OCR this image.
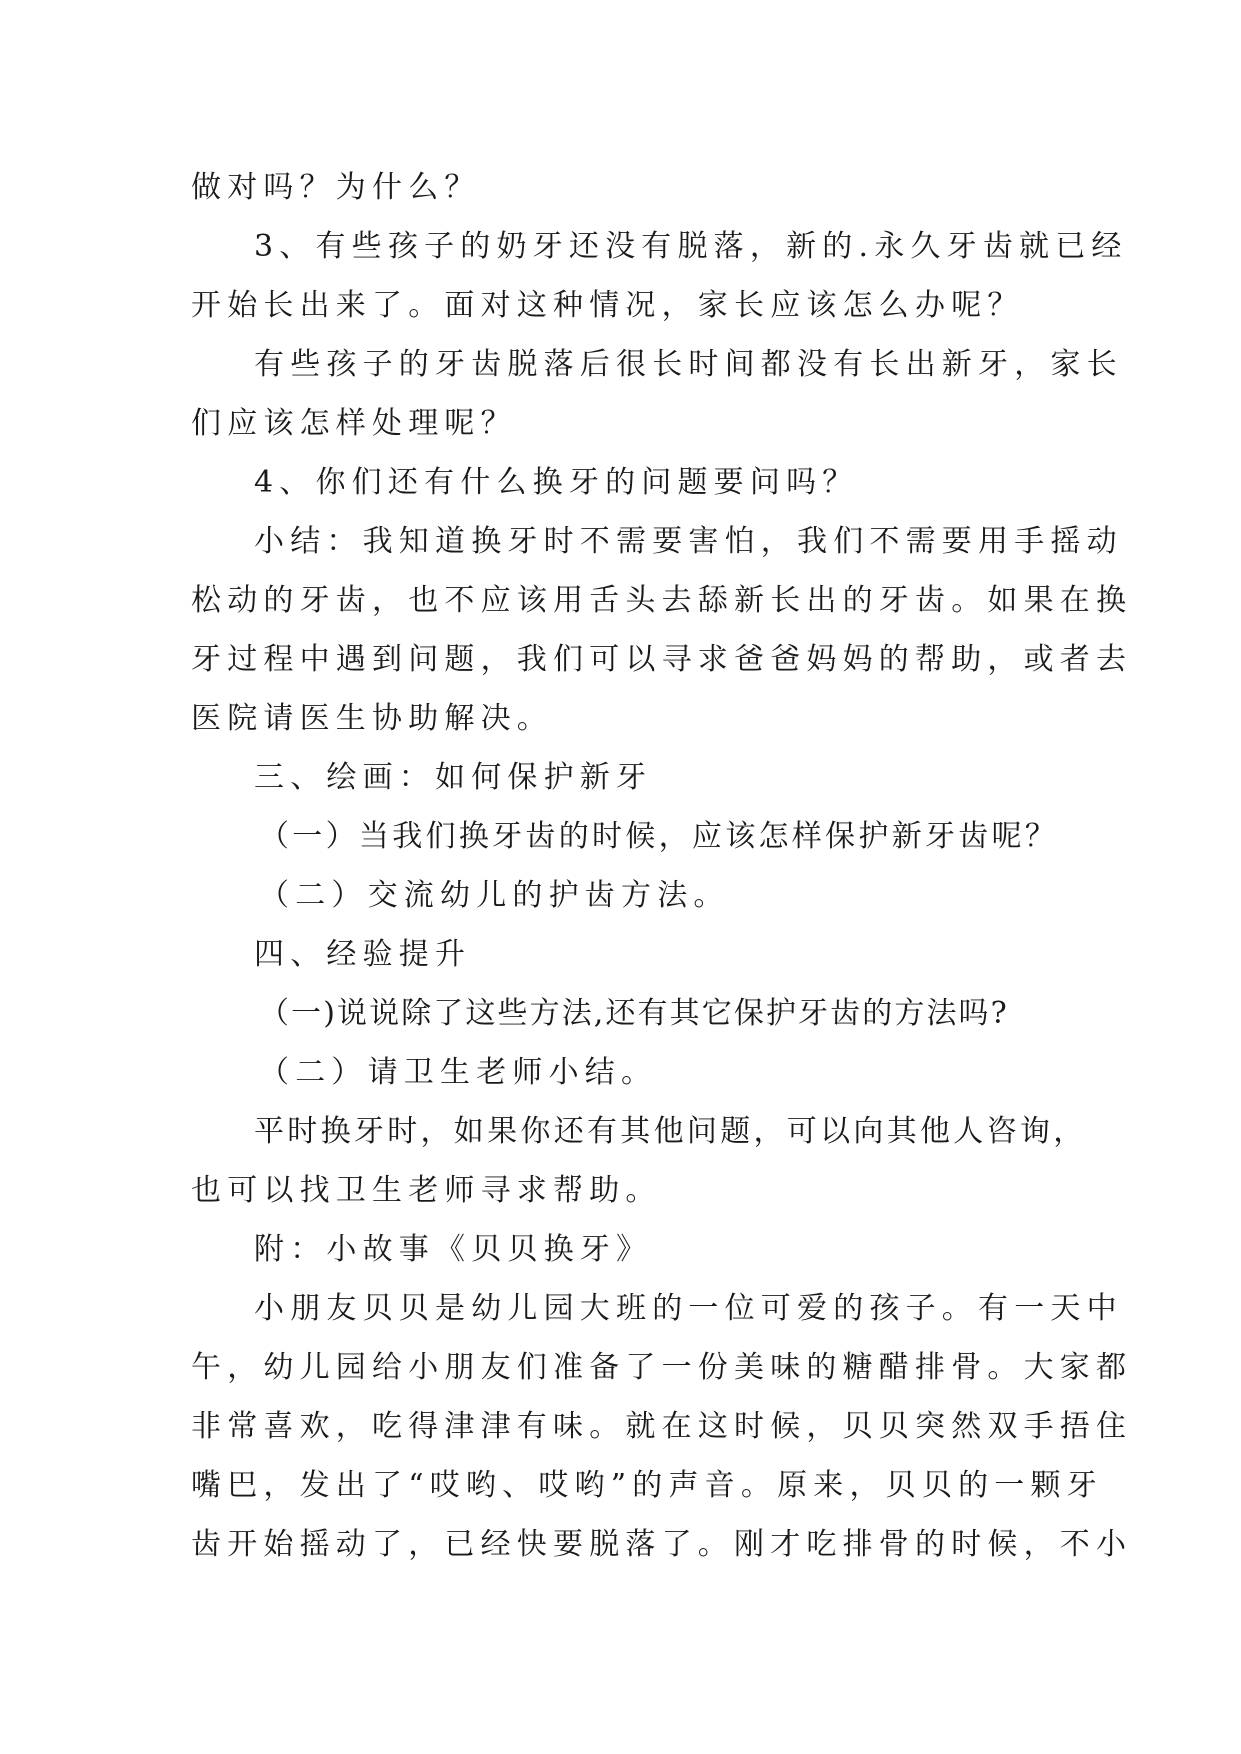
做对吗？为什么？
3、有些孩子的奶牙还没有脱落，新的.永久牙齿就已经
开始长出来了。面对这种情况，家长应该怎么办呢？
有些孩子的牙齿脱落后很长时间都没有长出新牙，家长
们应该怎样处理呢？
4、你们还有什么换牙的问题要问吗？
小结：我知道换牙时不需要害怕，我们不需要用手摇动
松动的牙齿，也不应该用舌头去舔新长出的牙齿。如果在换
牙过程中遇到问题，我们可以寻求爸爸妈妈的帮助，或者去
医院请医生协助解决。
三、绘画：如何保护新牙
（一）当我们换牙齿的时候，应该怎样保护新牙齿呢？
（二）交流幼儿的护齿方法。
四、经验提升
（一)说说除了这些方法,还有其它保护牙齿的方法吗?
（二）请卫生老师小结。
平时换牙时，如果你还有其他问题，可以向其他人咨询，
也可以找卫生老师寻求帮助。
附：小故事《贝贝换牙》
小朋友贝贝是幼儿园大班的一位可爱的孩子。有一天中
午，幼儿园给小朋友们准备了一份美味的糖醋排骨。大家都
非常喜欢，吃得津津有味。就在这时候，贝贝突然双手捂住
嘴巴，发出了“哎哟、哎哟”的声音。原来，贝贝的一颗牙
齿开始摇动了，已经快要脱落了。刚才吃排骨的时候，不小
